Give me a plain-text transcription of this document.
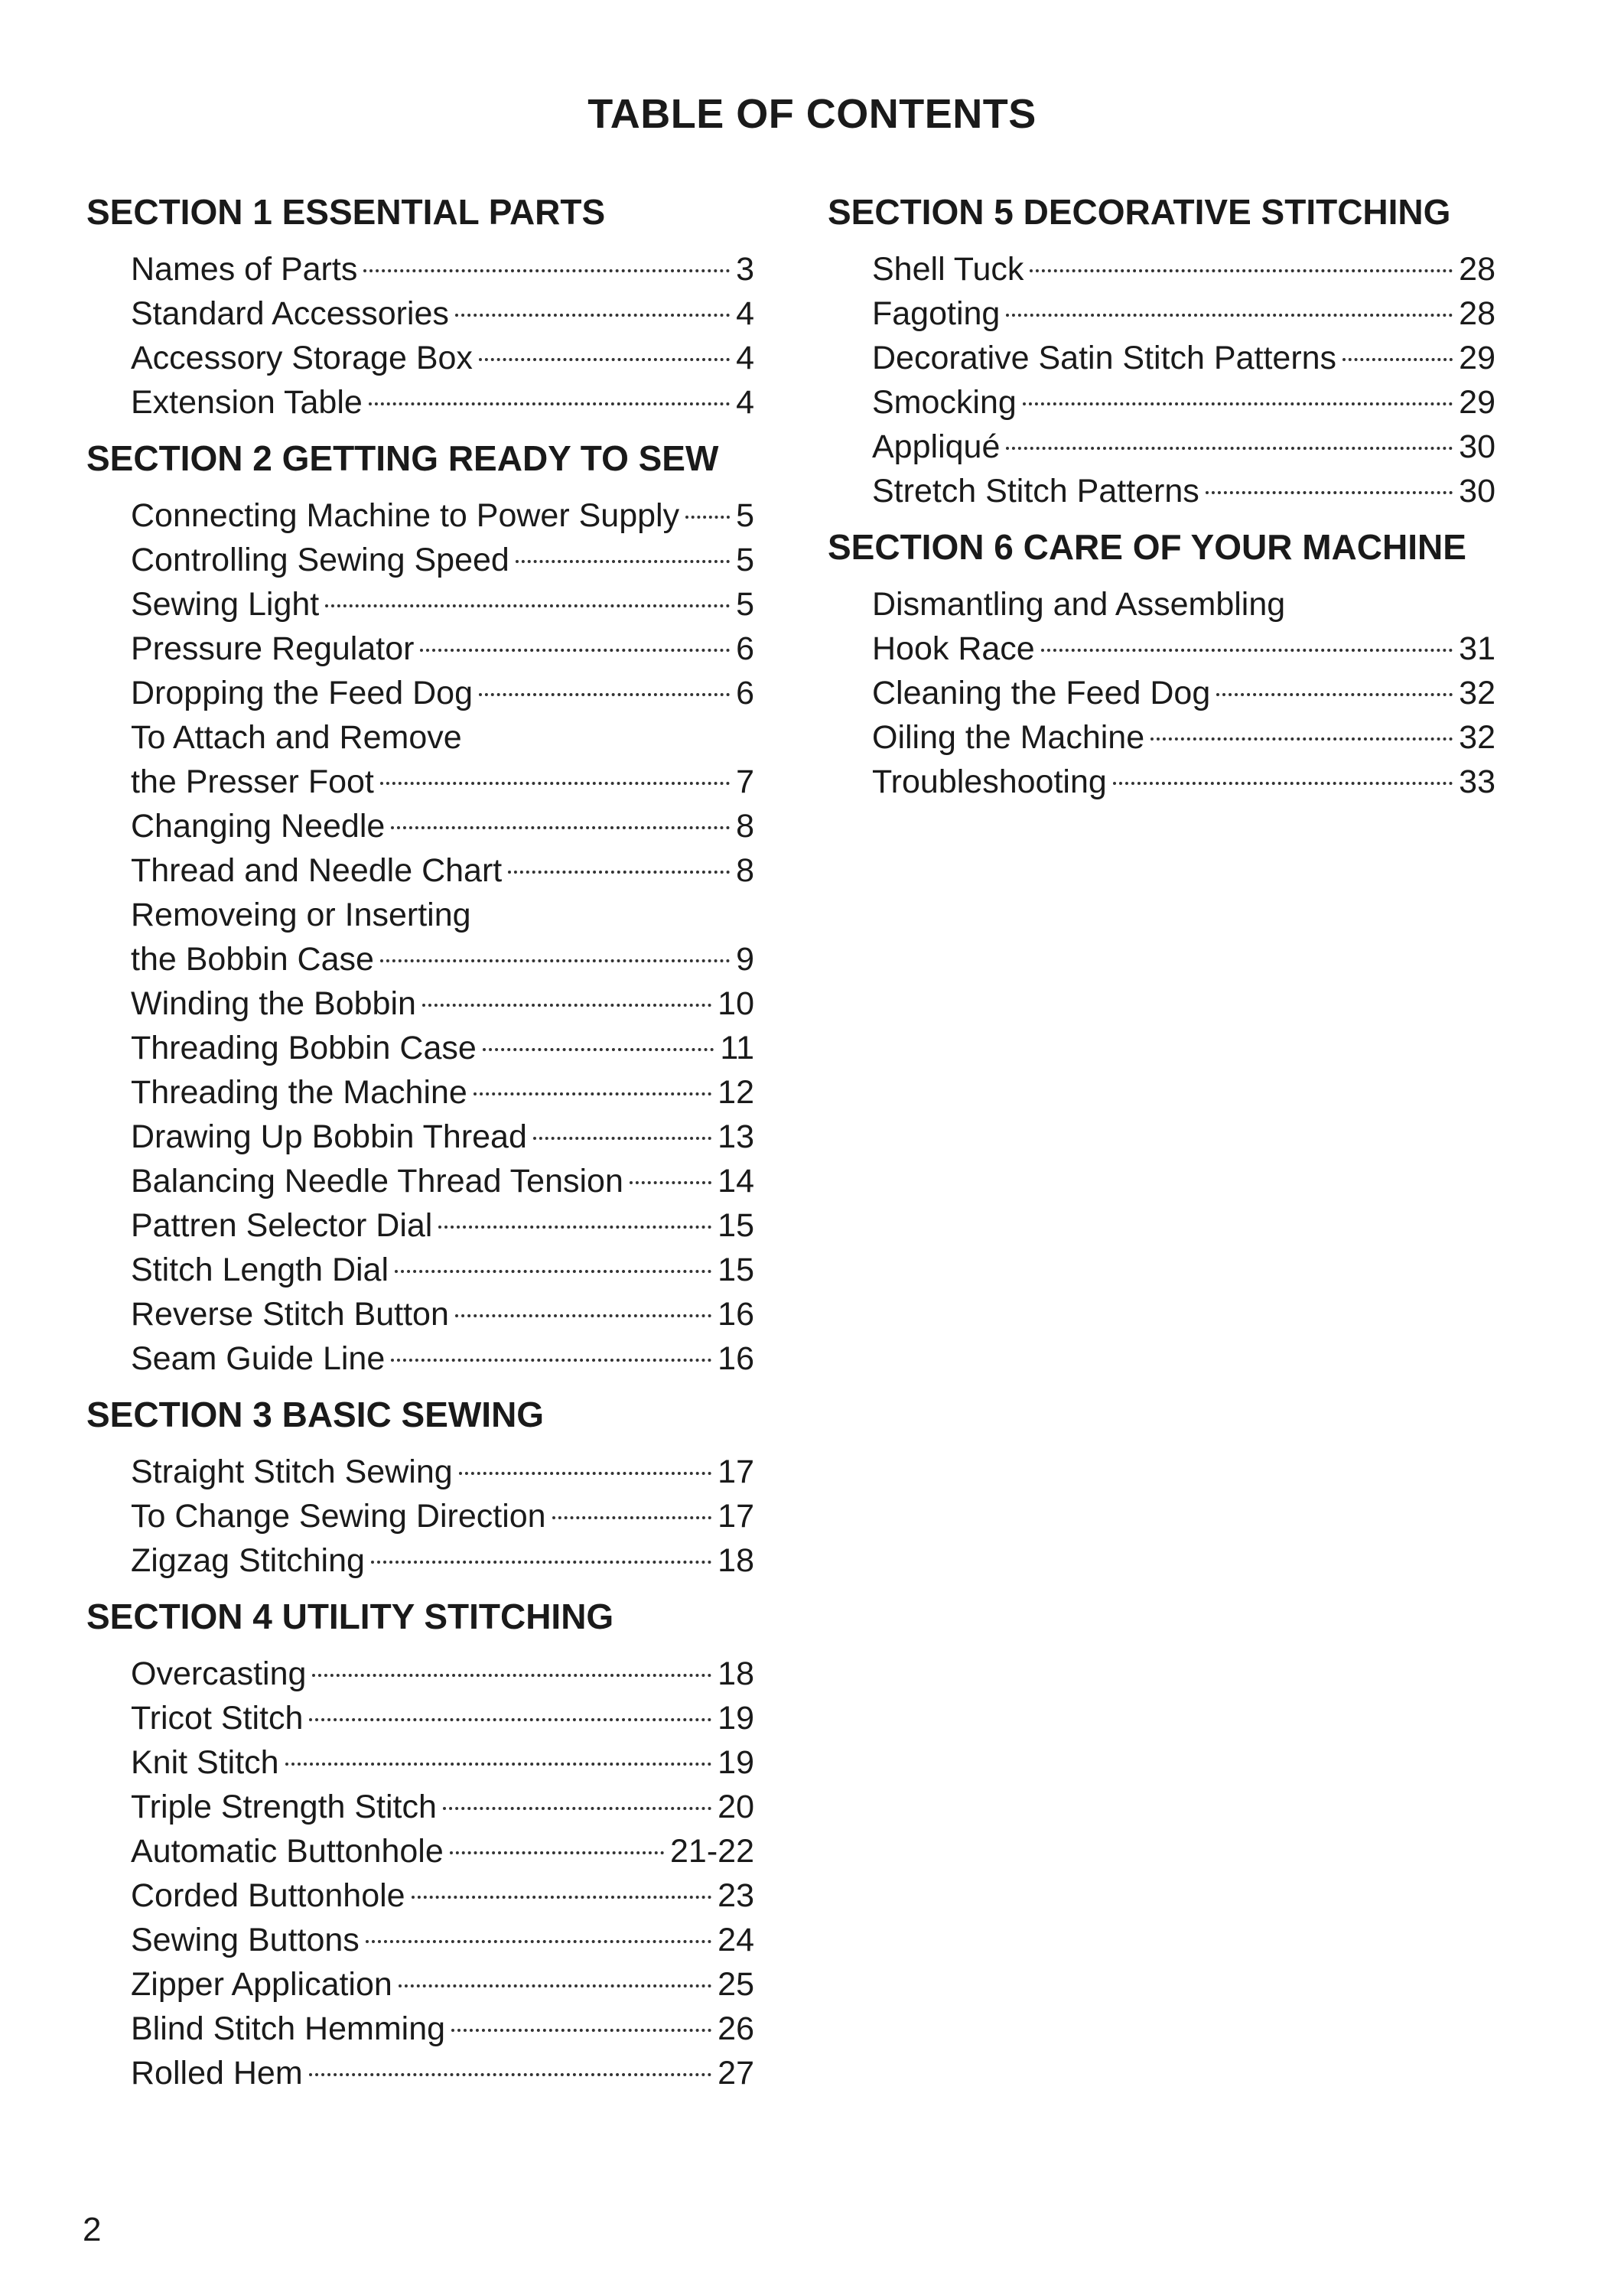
TABLE OF CONTENTS
SECTION 1 ESSENTIAL PARTS
Names of Parts	3
Standard Accessories	4
Accessory Storage Box	4
Extension Table	4
SECTION 2 GETTING READY TO SEW
Connecting Machine to Power Supply 5
Controlling Sewing Speed	5
Sewing Light	5
Pressure Regulator	6
Dropping the Feed Dog	6
To Attach and Remove
the Presser Foot	7
Changing Needle	8
Thread and Needle Chart	8
Removeing or Inserting
the Bobbin Case	9
Winding the Bobbin	10
Threading Bobbin Case	11
Threading the Machine	12
Drawing Up Bobbin Thread	13
Balancing Needle Thread Tension	14
Pattren Selector Dial	15
Stitch Length Dial	15
Reverse Stitch Button	16
Seam Guide Line	16
SECTION 3 BASIC SEWING
Straight Stitch Sewing	17
To Change Sewing Direction	17
Zigzag Stitching	18
SECTION 4 UTILITY STITCHING
Overcasting	18
Tricot Stitch	19
Knit Stitch	19
Triple Strength Stitch	20
Automatic Buttonhole	21-22
Corded Buttonhole	23
Sewing Buttons	24
Zipper Application	25
Blind Stitch Hemming	26
Rolled Hem	27
SECTION 5 DECORATIVE STITCHING
Shell Tuck	28
Fagoting	28
Decorative Satin Stitch Patterns	29
Smocking	29
Appliqué	30
Stretch Stitch Patterns	30
SECTION 6 CARE OF YOUR MACHINE
Dismantling and Assembling
Hook Race	31
Cleaning the Feed Dog	32
Oiling the Machine	32
Troubleshooting	33
2
